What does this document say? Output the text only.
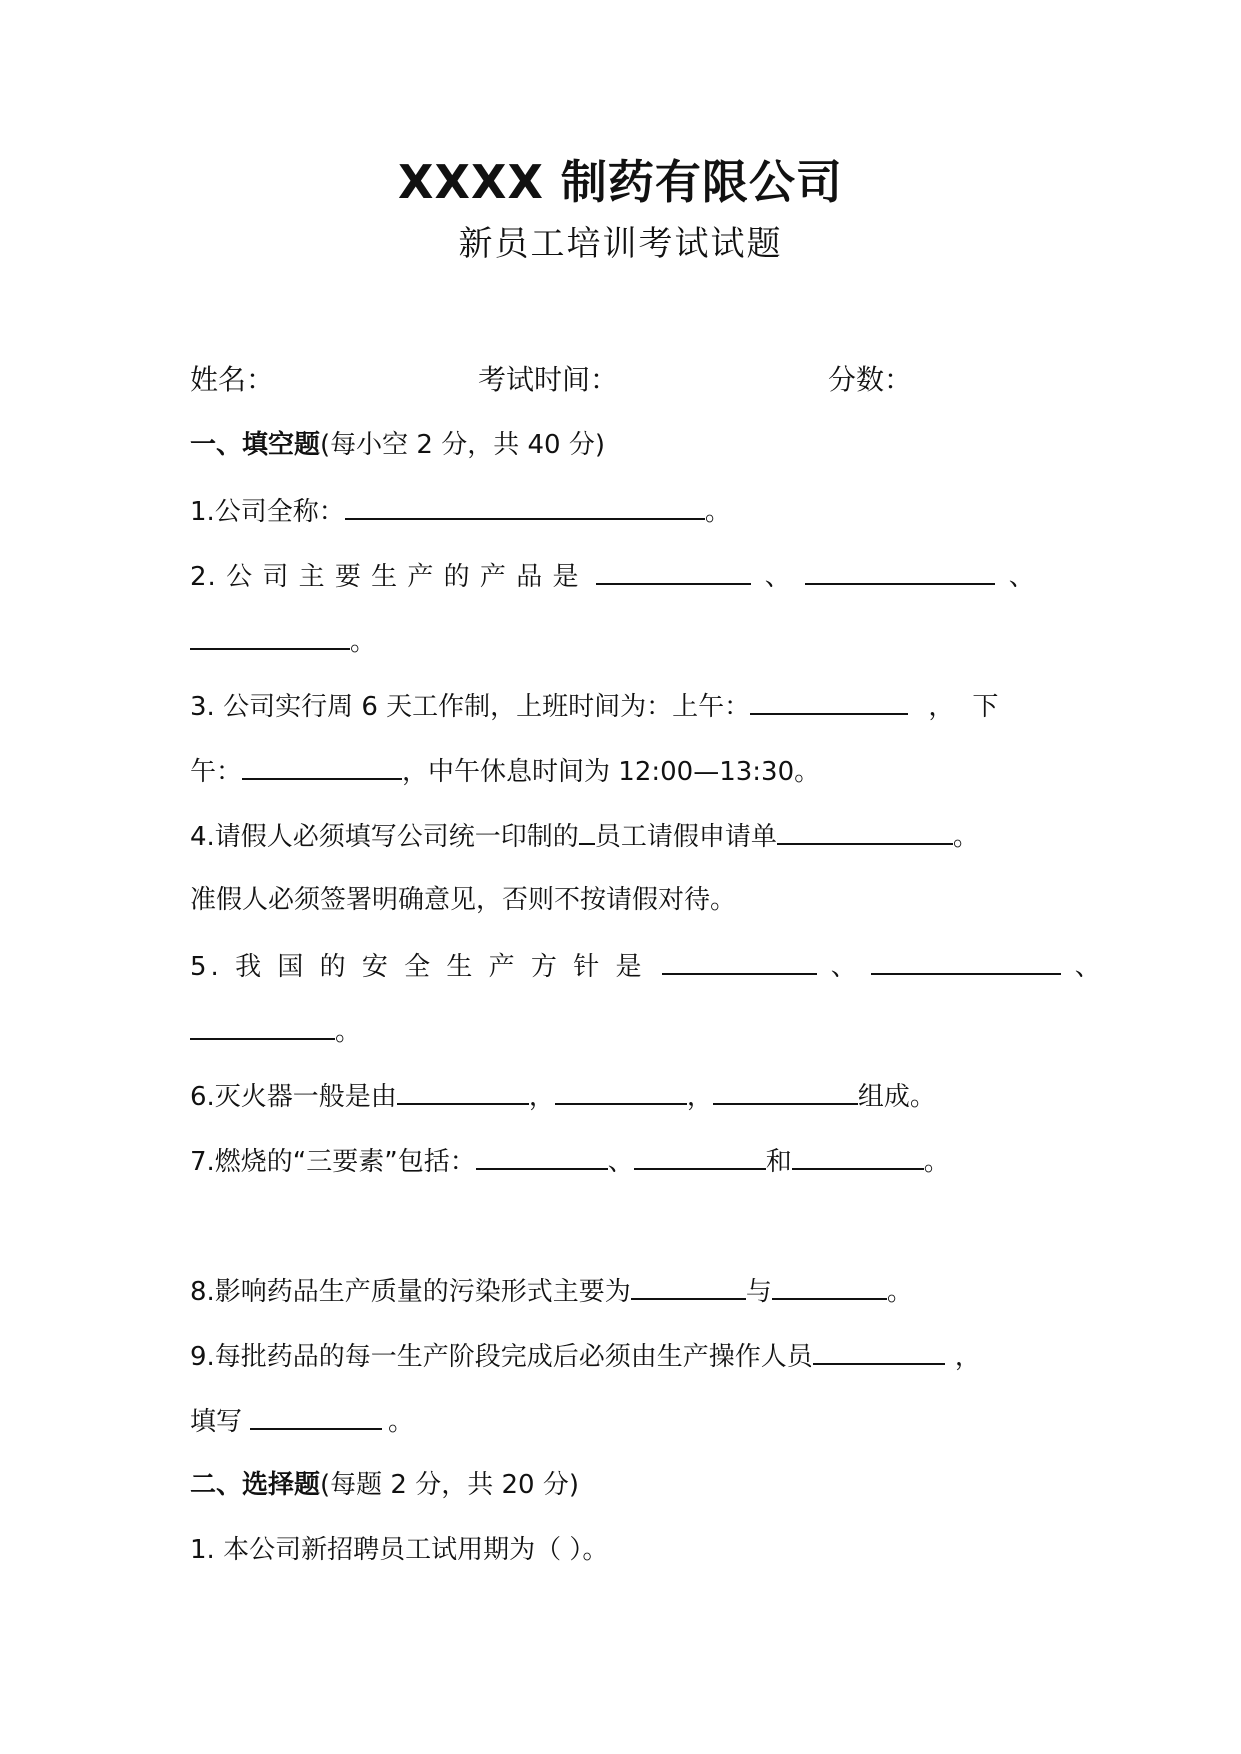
XXXX 制药有限公司
新员工培训考试试题
姓名：	考试时间：	分数：
一、填空题(每小空 2 分，共 40 分)
1.公司全称：	。
2. 公 司 主 要 生 产 的 产 品 是	、	、
。
3. 公司实行周 6 天工作制，上班时间为：上午：	，下
午：	，中午休息时间为 12:00—13:30。
4.请假人必须填写公司统一印制的 员工请假申请单	。
准假人必须签署明确意见，否则不按请假对待。
5. 我 国 的 安 全 生 产 方 针 是	、	、
。
6.灭火器一般是由	，	，	组成。
7.燃烧的“三要素”包括：	、	和	。
8.影响药品生产质量的污染形式主要为	与	。
9.每批药品的每一生产阶段完成后必须由生产操作人员	，
填写	。
二、选择题(每题 2 分，共 20 分)
1. 本公司新招聘员工试用期为（ ）。
